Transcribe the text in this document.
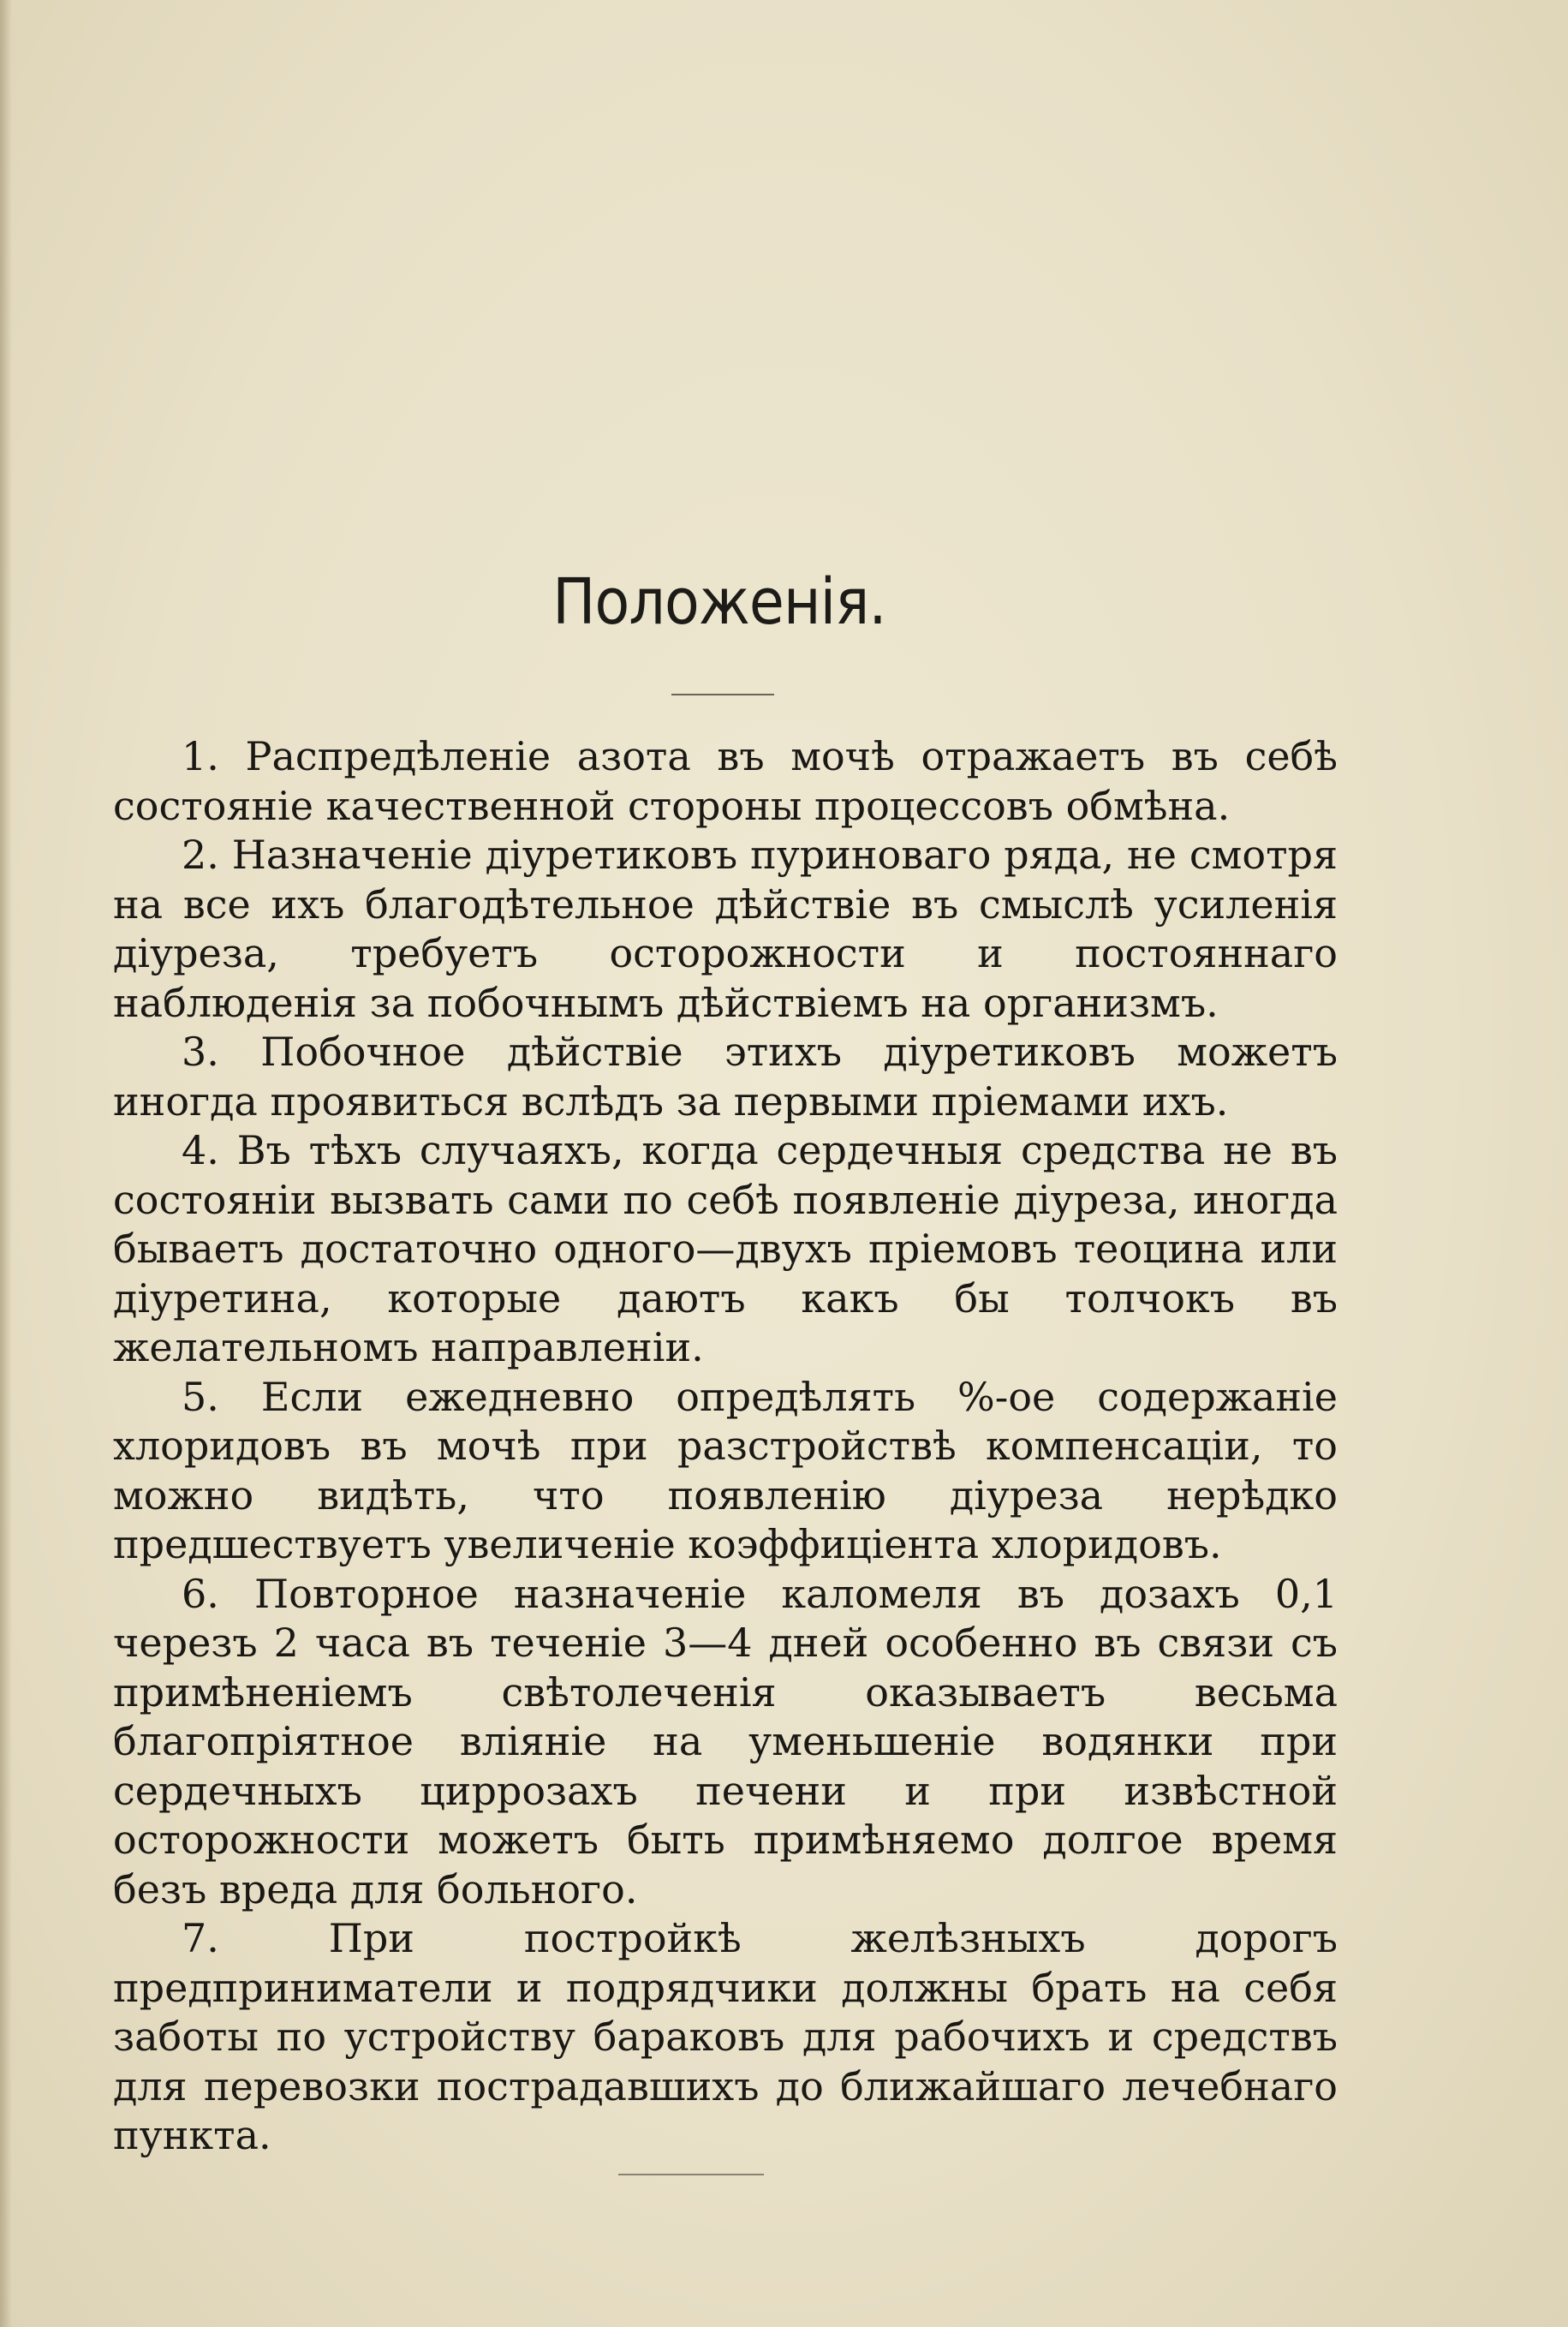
Положенія.

1. Распредѣленіе азота въ мочѣ отражаетъ въ себѣ состояніе качественной стороны процессовъ обмѣна.

2. Назначеніе діуретиковъ пуриноваго ряда, не смотря на все ихъ благодѣтельное дѣйствіе въ смыслѣ усиленія діуреза, требуетъ осторожности и постояннаго наблюденія за побочнымъ дѣйствіемъ на организмъ.

3. Побочное дѣйствіе этихъ діуретиковъ можетъ иногда проявиться вслѣдъ за первыми пріемами ихъ.

4. Въ тѣхъ случаяхъ, когда сердечныя средства не въ состояніи вызвать сами по себѣ появленіе діуреза, иногда бываетъ достаточно одного—двухъ пріемовъ теоцина или діуретина, которые даютъ какъ бы толчокъ въ желательномъ направленіи.

5. Если ежедневно опредѣлять %-ое содержаніе хлоридовъ въ мочѣ при разстройствѣ компенсаціи, то можно видѣть, что появленію діуреза нерѣдко предшествуетъ увеличеніе коэффиціента хлоридовъ.

6. Повторное назначеніе каломеля въ дозахъ 0,1 черезъ 2 часа въ теченіе 3—4 дней особенно въ связи съ примѣненіемъ свѣтолеченія оказываетъ весьма благопріятное вліяніе на уменьшеніе водянки при сердечныхъ циррозахъ печени и при извѣстной осторожности можетъ быть примѣняемо долгое время безъ вреда для больного.

7. При постройкѣ желѣзныхъ дорогъ предприниматели и подрядчики должны брать на себя заботы по устройству бараковъ для рабочихъ и средствъ для перевозки пострадавшихъ до ближайшаго лечебнаго пункта.
